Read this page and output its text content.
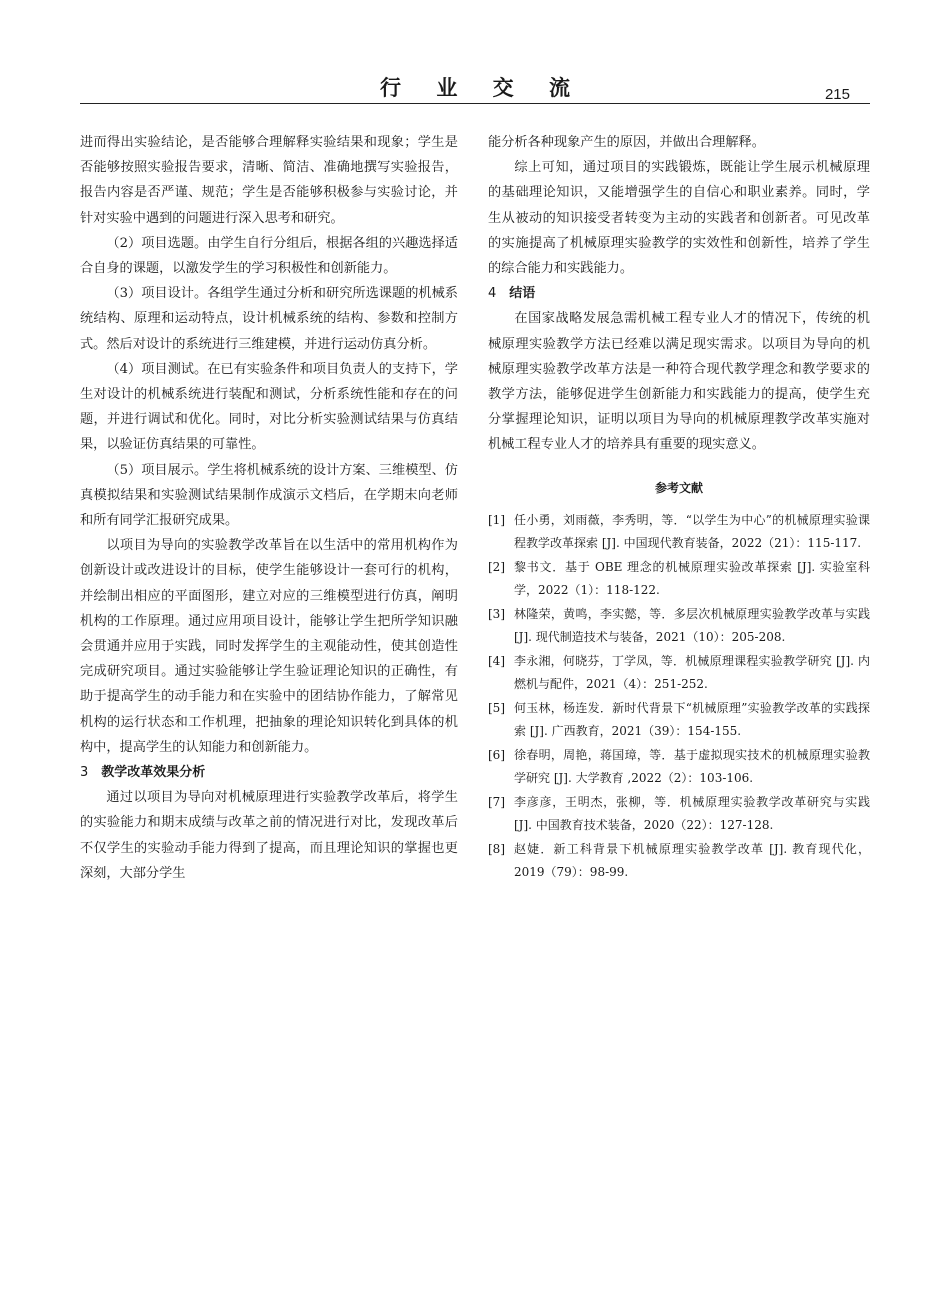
行 业 交 流	215

进而得出实验结论，是否能够合理解释实验结果和现象；学生是否能够按照实验报告要求，清晰、简洁、准确地撰写实验报告，报告内容是否严谨、规范；学生是否能够积极参与实验讨论，并针对实验中遇到的问题进行深入思考和研究。

（2）项目选题。由学生自行分组后，根据各组的兴趣选择适合自身的课题，以激发学生的学习积极性和创新能力。

（3）项目设计。各组学生通过分析和研究所选课题的机械系统结构、原理和运动特点，设计机械系统的结构、参数和控制方式。然后对设计的系统进行三维建模，并进行运动仿真分析。

（4）项目测试。在已有实验条件和项目负责人的支持下，学生对设计的机械系统进行装配和测试，分析系统性能和存在的问题，并进行调试和优化。同时，对比分析实验测试结果与仿真结果，以验证仿真结果的可靠性。

（5）项目展示。学生将机械系统的设计方案、三维模型、仿真模拟结果和实验测试结果制作成演示文档后，在学期末向老师和所有同学汇报研究成果。

以项目为导向的实验教学改革旨在以生活中的常用机构作为创新设计或改进设计的目标，使学生能够设计一套可行的机构，并绘制出相应的平面图形，建立对应的三维模型进行仿真，阐明机构的工作原理。通过应用项目设计，能够让学生把所学知识融会贯通并应用于实践，同时发挥学生的主观能动性，使其创造性完成研究项目。通过实验能够让学生验证理论知识的正确性，有助于提高学生的动手能力和在实验中的团结协作能力，了解常见机构的运行状态和工作机理，把抽象的理论知识转化到具体的机构中，提高学生的认知能力和创新能力。

3 教学改革效果分析

通过以项目为导向对机械原理进行实验教学改革后，将学生的实验能力和期末成绩与改革之前的情况进行对比，发现改革后不仅学生的实验动手能力得到了提高，而且理论知识的掌握也更深刻，大部分学生

能分析各种现象产生的原因，并做出合理解释。

综上可知，通过项目的实践锻炼，既能让学生展示机械原理的基础理论知识，又能增强学生的自信心和职业素养。同时，学生从被动的知识接受者转变为主动的实践者和创新者。可见改革的实施提高了机械原理实验教学的实效性和创新性，培养了学生的综合能力和实践能力。

4 结语

在国家战略发展急需机械工程专业人才的情况下，传统的机械原理实验教学方法已经难以满足现实需求。以项目为导向的机械原理实验教学改革方法是一种符合现代教学理念和教学要求的教学方法，能够促进学生创新能力和实践能力的提高，使学生充分掌握理论知识，证明以项目为导向的机械原理教学改革实施对机械工程专业人才的培养具有重要的现实意义。

参考文献
[1] 任小勇，刘雨薇，李秀明，等．“以学生为中心”的机械原理实验课程教学改革探索 [J]. 中国现代教育装备，2022（21）：115-117.
[2] 黎书文．基于 OBE 理念的机械原理实验改革探索 [J]. 实验室科学，2022（1）：118-122.
[3] 林隆荣，黄鸣，李实懿，等．多层次机械原理实验教学改革与实践 [J]. 现代制造技术与装备，2021（10）：205-208.
[4] 李永湘，何晓芬，丁学凤，等．机械原理课程实验教学研究 [J]. 内燃机与配件，2021（4）：251-252.
[5] 何玉林，杨连发．新时代背景下“机械原理”实验教学改革的实践探索 [J]. 广西教育，2021（39）：154-155.
[6] 徐春明，周艳，蒋国璋，等．基于虚拟现实技术的机械原理实验教学研究 [J]. 大学教育 ,2022（2）：103-106.
[7] 李彦彦，王明杰，张柳，等．机械原理实验教学改革研究与实践 [J]. 中国教育技术装备，2020（22）：127-128.
[8] 赵婕．新工科背景下机械原理实验教学改革 [J]. 教育现代化，2019（79）：98-99.
